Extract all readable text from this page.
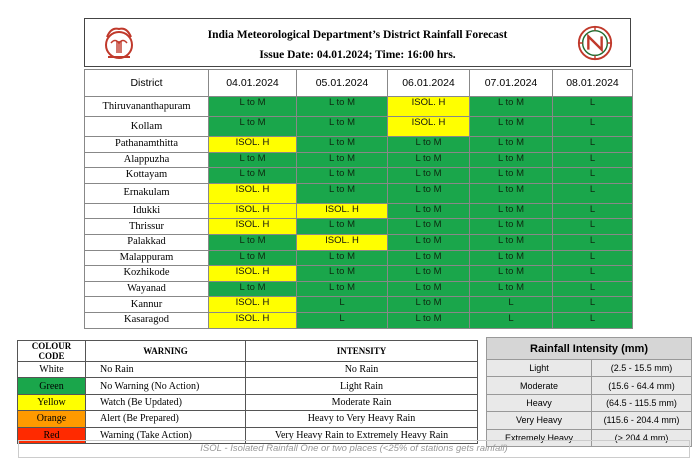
India Meteorological Department’s District Rainfall Forecast
Issue Date: 04.01.2024; Time: 16:00 hrs.
District	04.01.2024	05.01.2024	06.01.2024	07.01.2024	08.01.2024
Thiruvananthapuram	L to M	L to M	ISOL. H	L to M	L
Kollam	L to M	L to M	ISOL. H	L to M	L
Pathanamthitta	ISOL. H	L to M	L to M	L to M	L
Alappuzha	L to M	L to M	L to M	L to M	L
Kottayam	L to M	L to M	L to M	L to M	L
Ernakulam	ISOL. H	L to M	L to M	L to M	L
Idukki	ISOL. H	ISOL. H	L to M	L to M	L
Thrissur	ISOL. H	L to M	L to M	L to M	L
Palakkad	L to M	ISOL. H	L to M	L to M	L
Malappuram	L to M	L to M	L to M	L to M	L
Kozhikode	ISOL. H	L to M	L to M	L to M	L
Wayanad	L to M	L to M	L to M	L to M	L
Kannur	ISOL. H	L	L to M	L	L
Kasaragod	ISOL. H	L	L to M	L	L
COLOUR CODE	WARNING	INTENSITY
White	No Rain	No Rain
Green	No Warning (No Action)	Light Rain
Yellow	Watch (Be Updated)	Moderate Rain
Orange	Alert (Be Prepared)	Heavy to Very Heavy Rain
Red	Warning (Take Action)	Very Heavy Rain to Extremely Heavy Rain
Rainfall Intensity (mm)	
Light	(2.5 - 15.5 mm)
Moderate	(15.6 - 64.4 mm)
Heavy	(64.5 - 115.5 mm)
Very Heavy	(115.6 - 204.4 mm)
Extremely Heavy	(> 204.4 mm)
ISOL - Isolated Rainfall One or two places (<25% of stations gets rainfall)
